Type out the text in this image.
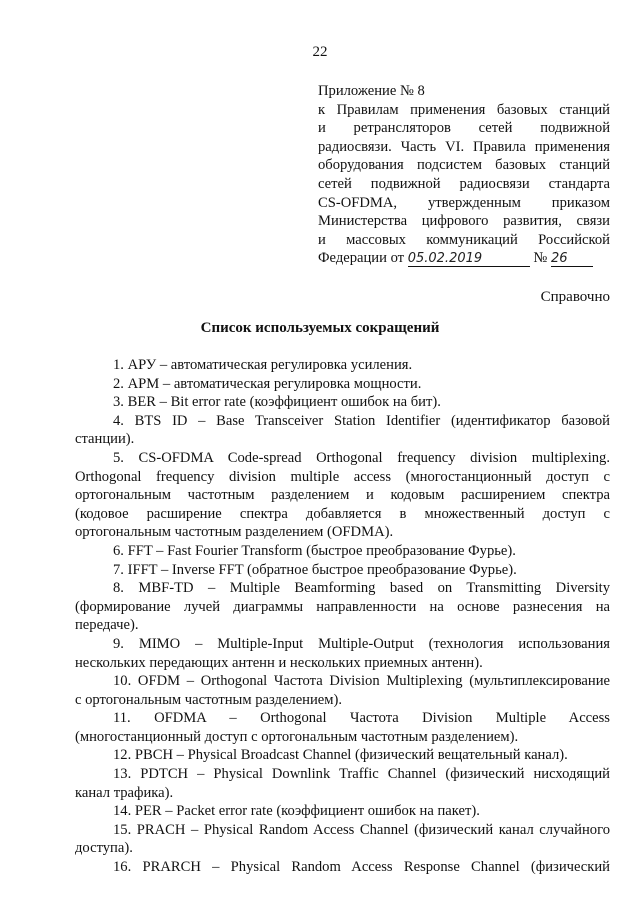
22
Приложение № 8
к Правилам применения базовых станций
и ретрансляторов сетей подвижной
радиосвязи. Часть VI. Правила применения
оборудования подсистем базовых станций
сетей подвижной радиосвязи стандарта
CS-OFDMA, утвержденным приказом
Министерства цифрового развития, связи
и массовых коммуникаций Российской
Федерации от 05.02.2019	№ 26
Справочно
Список используемых сокращений
1. АРУ – автоматическая регулировка усиления.
2. АРМ – автоматическая регулировка мощности.
3. BER – Bit error rate (коэффициент ошибок на бит).
4. BTS ID – Base Transceiver Station Identifier (идентификатор базовой
станции).
5. CS-OFDMA Code-spread Orthogonal frequency division multiplexing.
Orthogonal frequency division multiple access (многостанционный доступ с
ортогональным частотным разделением и кодовым расширением спектра
(кодовое расширение спектра добавляется в множественный доступ с
ортогональным частотным разделением (OFDMA).
6. FFT – Fast Fourier Transform (быстрое преобразование Фурье).
7. IFFT – Inverse FFT (обратное быстрое преобразование Фурье).
8. MBF-TD – Multiple Beamforming based on Transmitting Diversity
(формирование лучей диаграммы направленности на основе разнесения на
передаче).
9. MIMO – Multiple-Input Multiple-Output (технология использования
нескольких передающих антенн и нескольких приемных антенн).
10. OFDM – Orthogonal Частота Division Multiplexing (мультиплексирование
с ортогональным частотным разделением).
11. OFDMA – Orthogonal Частота Division Multiple Access
(многостанционный доступ с ортогональным частотным разделением).
12. PBCH – Physical Broadcast Channel (физический вещательный канал).
13. PDTCH – Physical Downlink Traffic Channel (физический нисходящий
канал трафика).
14. PER – Packet error rate (коэффициент ошибок на пакет).
15. PRACH – Physical Random Access Channel (физический канал случайного
доступа).
16. PRARCH – Physical Random Access Response Channel (физический
